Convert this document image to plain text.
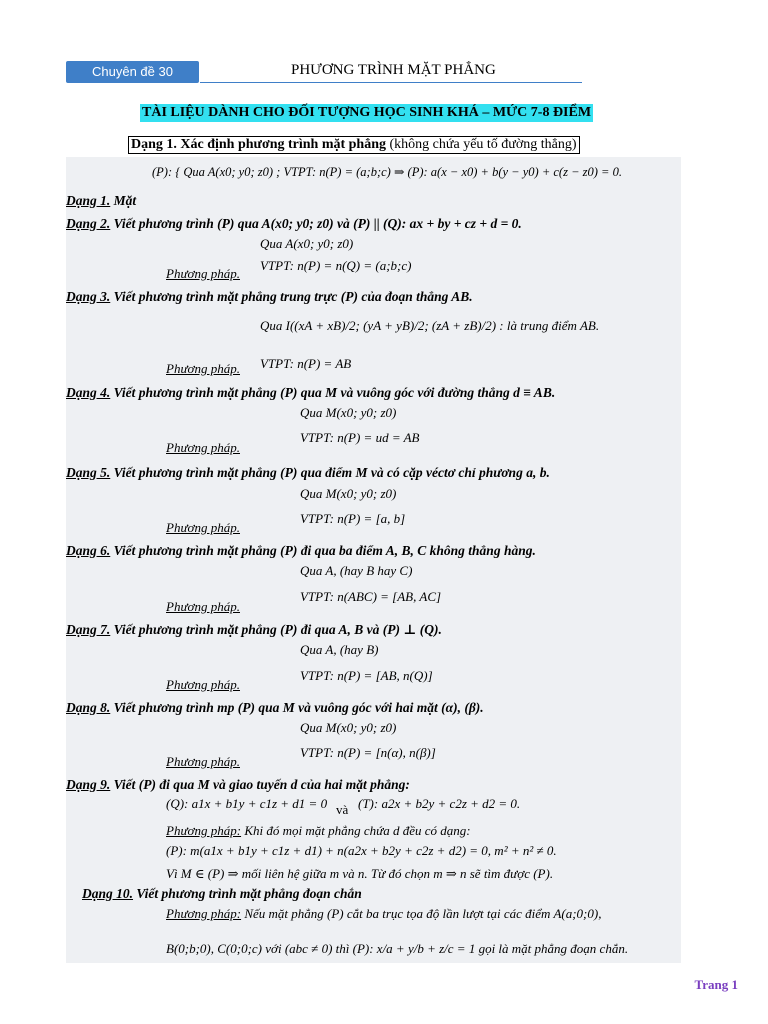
Chuyên đề 30	PHƯƠNG TRÌNH MẶT PHẲNG
TÀI LIỆU DÀNH CHO ĐỐI TƯỢNG HỌC SINH KHÁ – MỨC 7-8 ĐIỂM
Dạng 1. Xác định phương trình mặt phẳng (không chứa yếu tố đường thẳng)
Dạng 1. Mặt
(P): { Qua A(x0; y0; z0) ; VTPT: n(P) = (a;b;c) ⇒ (P): a(x − x0) + b(y − y0) + c(z − z0) = 0.
Dạng 2. Viết phương trình (P) qua A(x0; y0; z0) và (P) || (Q): ax + by + cz + d = 0.
Qua A(x0; y0; z0)
VTPT: n(P) = n(Q) = (a;b;c)
Phương pháp.
Dạng 3. Viết phương trình mặt phẳng trung trực (P) của đoạn thẳng AB.
Qua I((xA + xB)/2; (yA + yB)/2; (zA + zB)/2) : là trung điểm AB.
VTPT: n(P) = AB
Phương pháp.
Dạng 4. Viết phương trình mặt phẳng (P) qua M và vuông góc với đường thẳng d ≡ AB.
Qua M(x0; y0; z0)
VTPT: n(P) = ud = AB
Phương pháp.
Dạng 5. Viết phương trình mặt phẳng (P) qua điểm M và có cặp véctơ chỉ phương a, b.
Qua M(x0; y0; z0)
VTPT: n(P) = [a, b]
Phương pháp.
Dạng 6. Viết phương trình mặt phẳng (P) đi qua ba điểm A, B, C không thẳng hàng.
Qua A, (hay B hay C)
VTPT: n(ABC) = [AB, AC]
Phương pháp.
Dạng 7. Viết phương trình mặt phẳng (P) đi qua A, B và (P) ⊥ (Q).
Qua A, (hay B)
VTPT: n(P) = [AB, n(Q)]
Phương pháp.
Dạng 8. Viết phương trình mp (P) qua M và vuông góc với hai mặt (α), (β).
Qua M(x0; y0; z0)
VTPT: n(P) = [n(α), n(β)]
Phương pháp.
Dạng 9. Viết (P) đi qua M và giao tuyến d của hai mặt phẳng:
(Q): a1x + b1y + c1z + d1 = 0 và (T): a2x + b2y + c2z + d2 = 0.
Phương pháp: Khi đó mọi mặt phẳng chứa d đều có dạng:
(P): m(a1x + b1y + c1z + d1) + n(a2x + b2y + c2z + d2) = 0, m² + n² ≠ 0.
Vì M ∈ (P) ⇒ mối liên hệ giữa m và n. Từ đó chọn m ⇒ n sẽ tìm được (P).
Dạng 10. Viết phương trình mặt phẳng đoạn chắn
Phương pháp: Nếu mặt phẳng (P) cắt ba trục tọa độ lần lượt tại các điểm A(a;0;0),
B(0;b;0), C(0;0;c) với (abc ≠ 0) thì (P): x/a + y/b + z/c = 1 gọi là mặt phẳng đoạn chắn.
Trang 1
